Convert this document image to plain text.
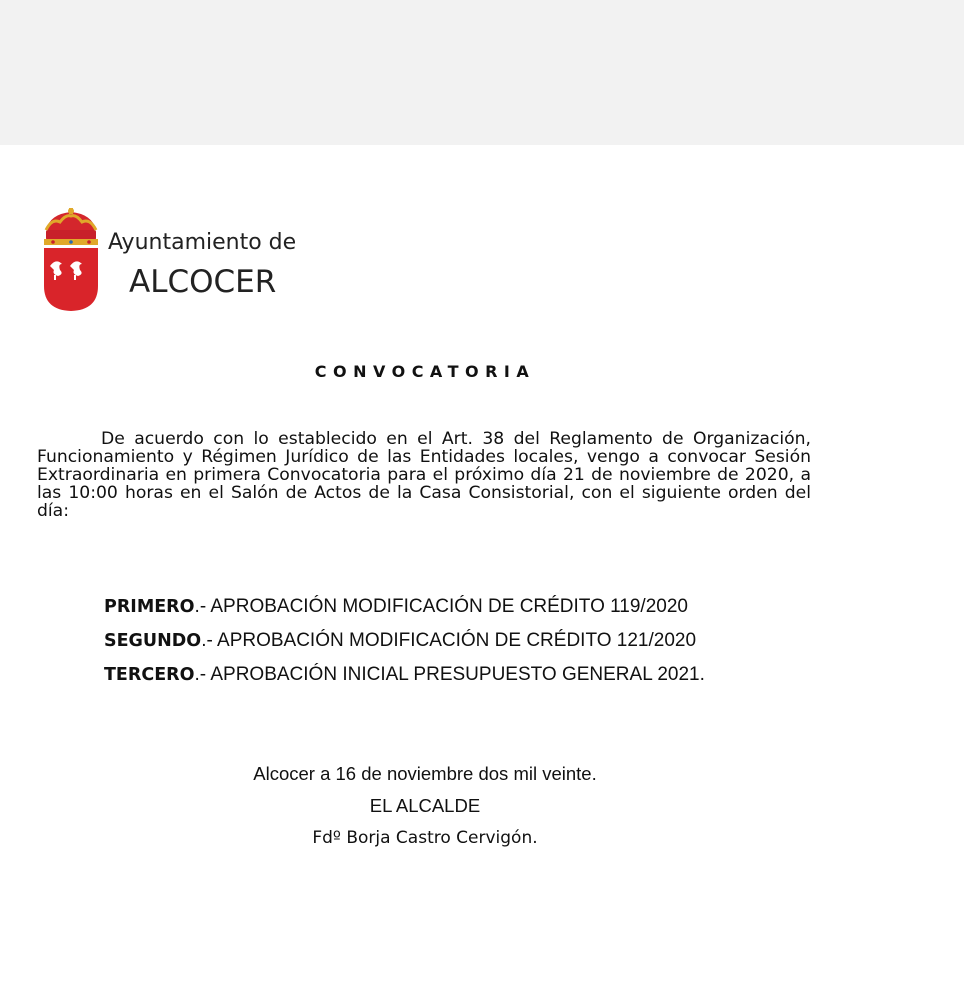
Ayuntamiento de
ALCOCER
CONVOCATORIA
De acuerdo con lo establecido en el Art. 38 del Reglamento de Organización, Funcionamiento y Régimen Jurídico de las Entidades locales, vengo a convocar Sesión Extraordinaria en primera Convocatoria para el próximo día 21 de noviembre de 2020, a las 10:00 horas en el Salón de Actos de la Casa Consistorial, con el siguiente orden del día:
PRIMERO.- APROBACIÓN MODIFICACIÓN DE CRÉDITO 119/2020
SEGUNDO.- APROBACIÓN MODIFICACIÓN DE CRÉDITO 121/2020
TERCERO.- APROBACIÓN INICIAL PRESUPUESTO GENERAL 2021.
Alcocer a 16 de noviembre dos mil veinte.
EL ALCALDE
Fdº Borja Castro Cervigón.
